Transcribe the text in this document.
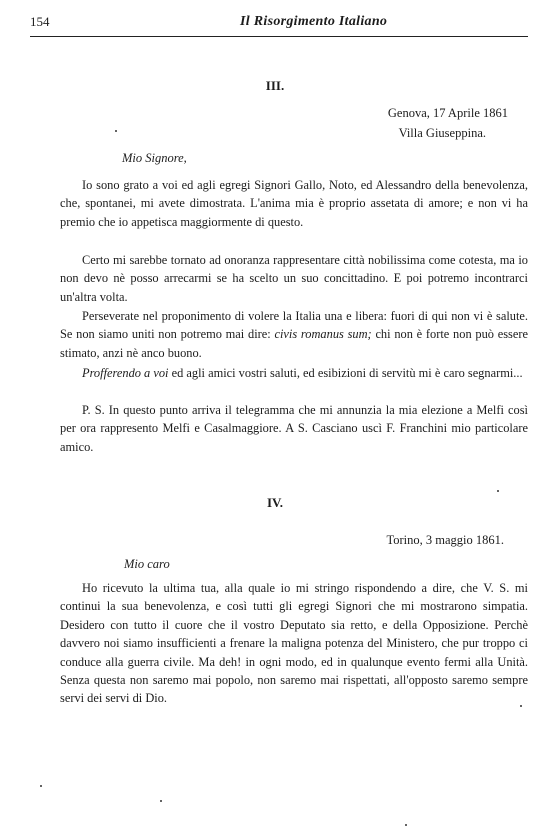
154	Il Risorgimento Italiano
III.
Genova, 17 Aprile 1861
Villa Giuseppina.
Mio Signore,

Io sono grato a voi ed agli egregi Signori Gallo, Noto, ed Alessandro della benevolenza, che, spontanei, mi avete dimostrata. L'anima mia è proprio assetata di amore; e non vi ha premio che io appetisca maggiormente di questo.

Certo mi sarebbe tornato ad onoranza rappresentare città nobilissima come cotesta, ma io non devo nè posso arrecarmi se ha scelto un suo concittadino. E poi potremo incontrarci un'altra volta.

Perseverate nel proponimento di volere la Italia una e libera: fuori di qui non vi è salute. Se non siamo uniti non potremo mai dire: civis romanus sum; chi non è forte non può essere stimato, anzi nè anco buono.

Profferendo a voi ed agli amici vostri saluti, ed esibizioni di servitù mi è caro segnarmi...

P. S. In questo punto arriva il telegramma che mi annunzia la mia elezione a Melfi così per ora rappresento Melfi e Casalmaggiore. A S. Casciano uscì F. Franchini mio particolare amico.

IV.
Torino, 3 maggio 1861.
Mio caro

Ho ricevuto la ultima tua, alla quale io mi stringo rispondendo a dire, che V. S. mi continui la sua benevolenza, e così tutti gli egregi Signori che mi mostrarono simpatia. Desidero con tutto il cuore che il vostro Deputato sia retto, e della Opposizione. Perchè davvero noi siamo insufficienti a frenare la maligna potenza del Ministero, che pur troppo ci conduce alla guerra civile. Ma deh! in ogni modo, ed in qualunque evento fermi alla Unità. Senza questa non saremo mai popolo, non saremo mai rispettati, all'opposto saremo sempre servi dei servi di Dio.
